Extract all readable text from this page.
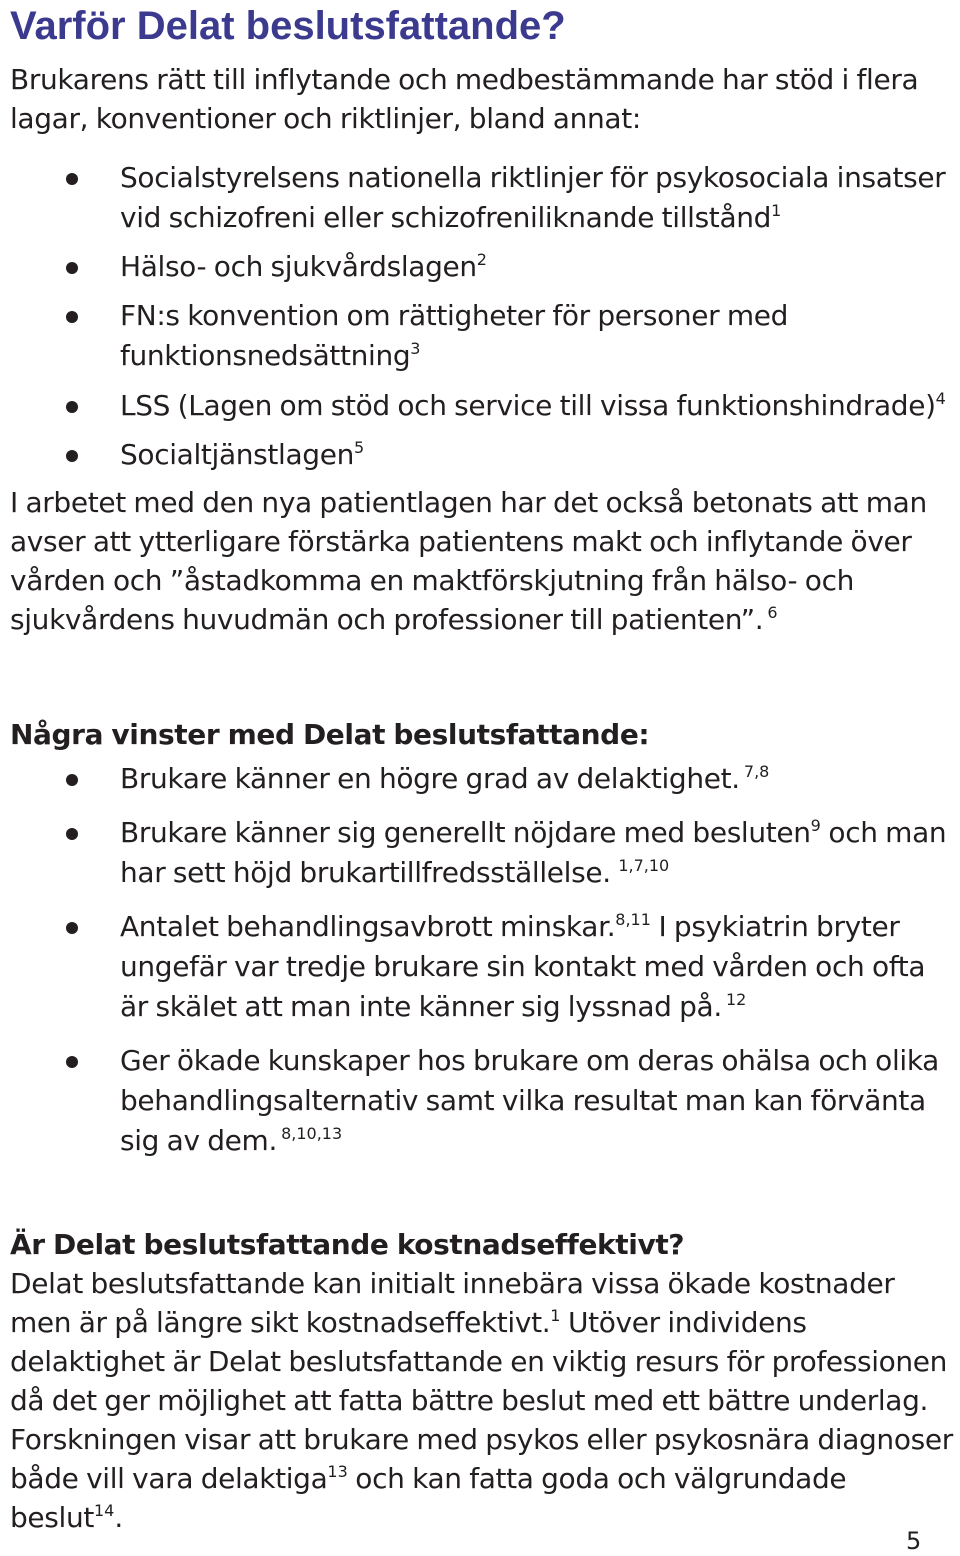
Varför Delat beslutsfattande?

Brukarens rätt till inflytande och medbestämmande har stöd i flera lagar, konventioner och riktlinjer, bland annat:

Socialstyrelsens nationella riktlinjer för psykosociala insatser vid schizofreni eller schizofreniliknande tillstånd$^1$

Hälso- och sjukvårdslagen$^2$

FN:s konvention om rättigheter för personer med funktionsnedsättning$^3$

LSS (Lagen om stöd och service till vissa funktionshindrade)$^4$

Socialtjänstlagen$^5$

I arbetet med den nya patientlagen har det också betonats att man avser att ytterligare förstärka patientens makt och inflytande över vården och ”åstadkomma en maktförskjutning från hälso- och sjukvårdens huvudmän och professioner till patienten”. $^6$

Några vinster med Delat beslutsfattande:

Brukare känner en högre grad av delaktighet. $^{7,8}$

Brukare känner sig generellt nöjdare med besluten$^9$ och man har sett höjd brukartillfredsställelse. $^{1,7,10}$

Antalet behandlingsavbrott minskar.$^{8,11}$ I psykiatrin bryter ungefär var tredje brukare sin kontakt med vården och ofta är skälet att man inte känner sig lyssnad på. $^{12}$

Ger ökade kunskaper hos brukare om deras ohälsa och olika behandlingsalternativ samt vilka resultat man kan förvänta sig av dem. $^{8,10,13}$

Är Delat beslutsfattande kostnadseffektivt?

Delat beslutsfattande kan initialt innebära vissa ökade kostnader men är på längre sikt kostnadseffektivt.$^1$ Utöver individens delaktighet är Delat beslutsfattande en viktig resurs för professionen då det ger möjlighet att fatta bättre beslut med ett bättre underlag. Forskningen visar att brukare med psykos eller psykosnära diagnoser både vill vara delaktiga$^{13}$ och kan fatta goda och välgrundade beslut$^{14}$.

5
